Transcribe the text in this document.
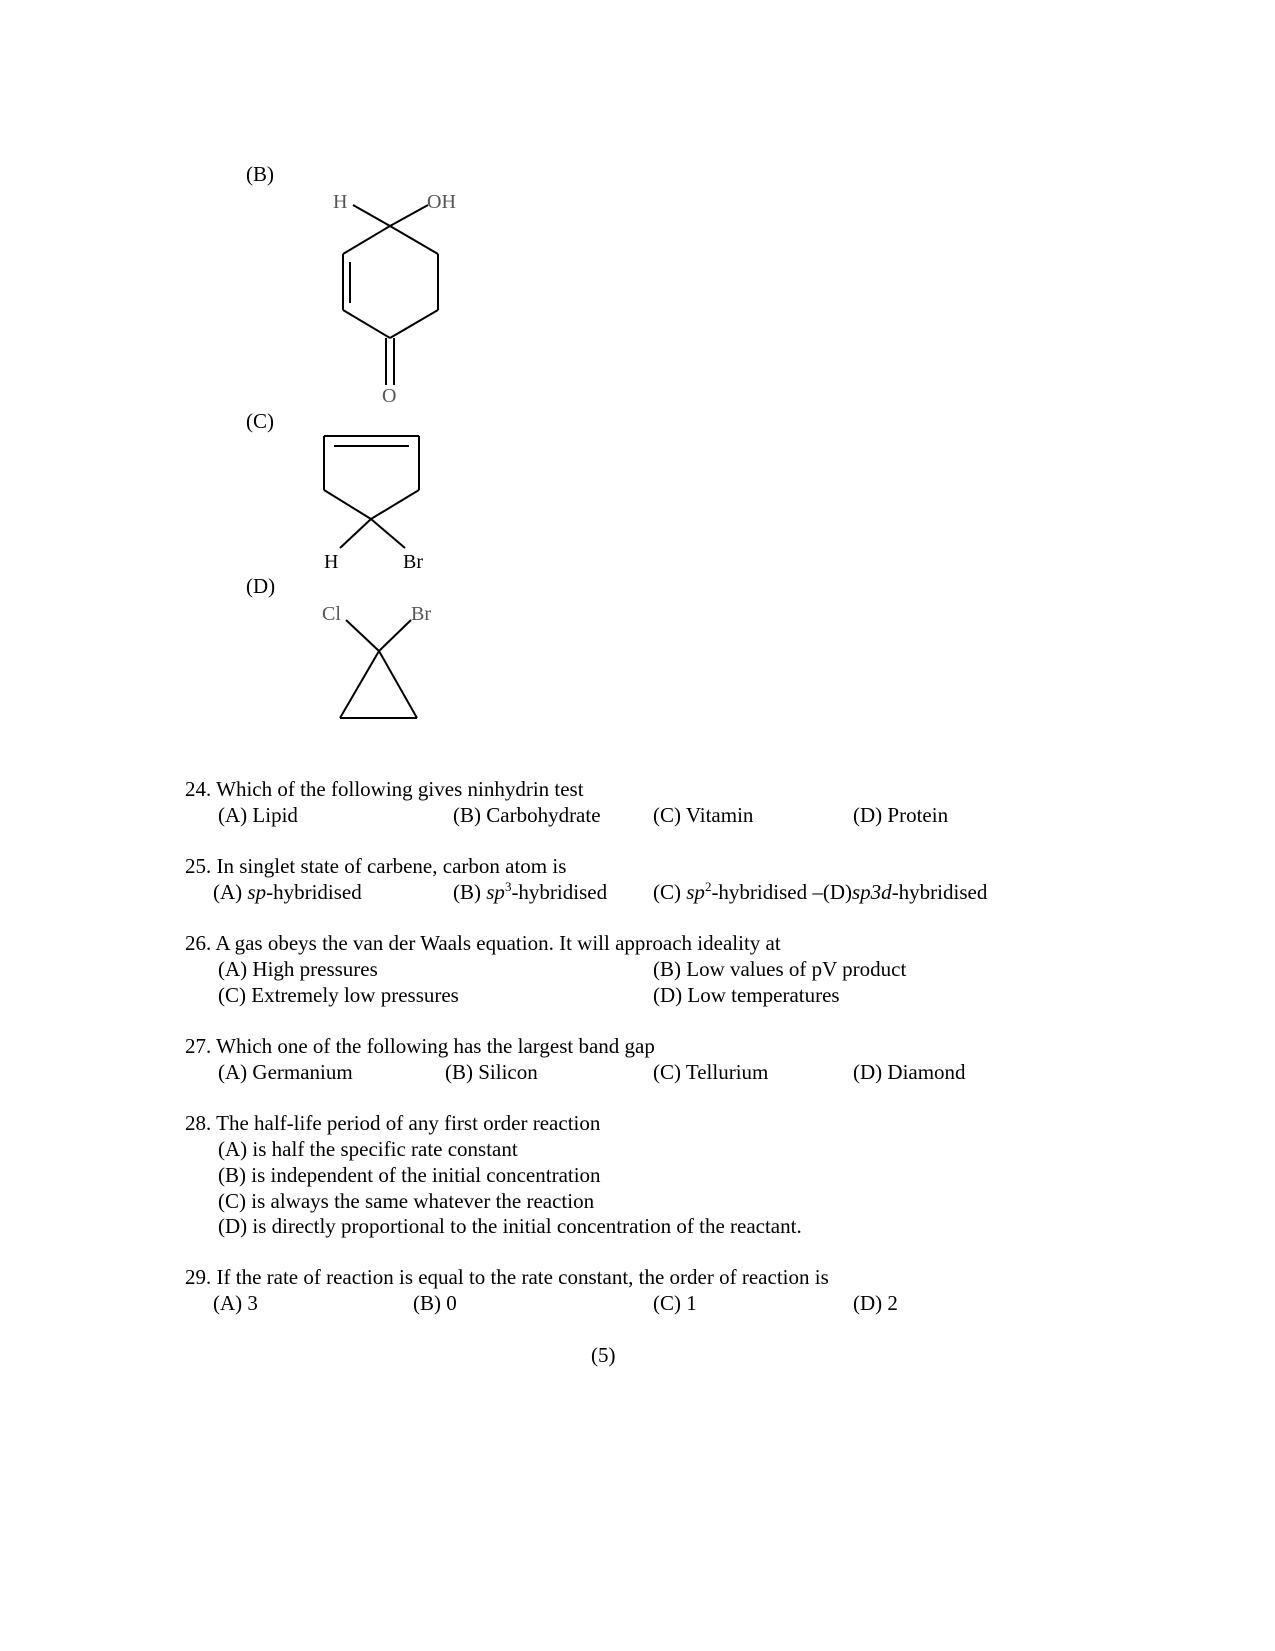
(B)
(C)
(D)
H	OH
O
H	Br
Cl	Br
24. Which of the following gives ninhydrin test
(A) Lipid	(B) Carbohydrate (C) Vitamin	(D) Protein
25. In singlet state of carbene, carbon atom is
(A) sp-hybridised	(B) $sp^3$-hybridised (C) $sp^2$-hybridised –(D)sp3d-hybridised
26. A gas obeys the van der Waals equation. It will approach ideality at
(A) High pressures	(B) Low values of pV product
(C) Extremely low pressures	(D) Low temperatures
27. Which one of the following has the largest band gap
(A) Germanium	(B) Silicon	(C) Tellurium	(D) Diamond
28. The half-life period of any first order reaction
(A) is half the specific rate constant
(B) is independent of the initial concentration
(C) is always the same whatever the reaction
(D) is directly proportional to the initial concentration of the reactant.
29. If the rate of reaction is equal to the rate constant, the order of reaction is
(A) 3	(B) 0	(C) 1	(D) 2
(5)
